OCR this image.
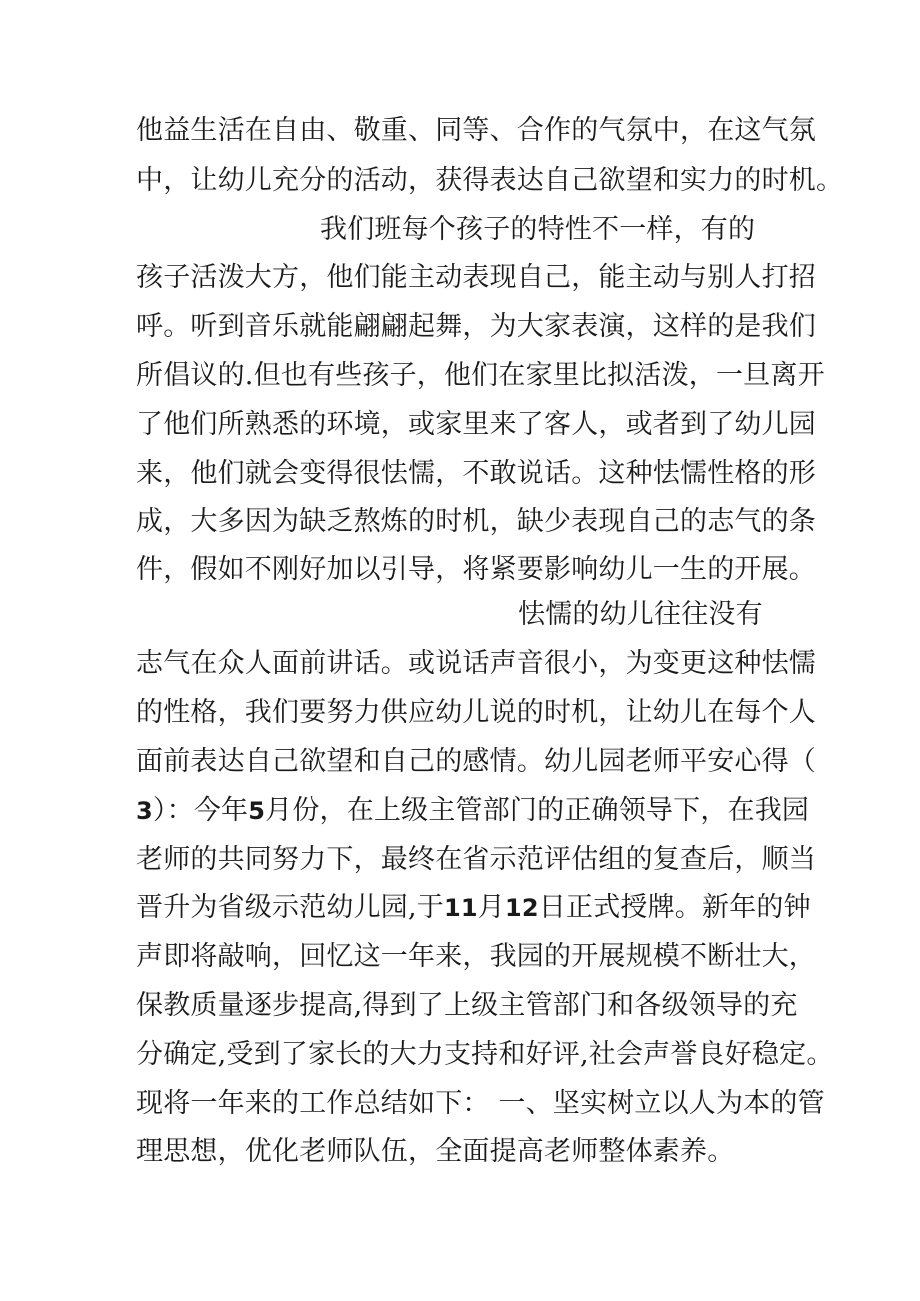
他益生活在自由、敬重、同等、合作的气氛中，在这气氛
中，让幼儿充分的活动，获得表达自己欲望和实力的时机。
我们班每个孩子的特性不一样，有的
孩子活泼大方，他们能主动表现自己，能主动与别人打招
呼。听到音乐就能翩翩起舞，为大家表演，这样的是我们
所倡议的.但也有些孩子，他们在家里比拟活泼，一旦离开
了他们所熟悉的环境，或家里来了客人，或者到了幼儿园
来，他们就会变得很怯懦，不敢说话。这种怯懦性格的形
成，大多因为缺乏熬炼的时机，缺少表现自己的志气的条
件，假如不刚好加以引导，将紧要影响幼儿一生的开展。
怯懦的幼儿往往没有
志气在众人面前讲话。或说话声音很小，为变更这种怯懦
的性格，我们要努力供应幼儿说的时机，让幼儿在每个人
面前表达自己欲望和自己的感情。幼儿园老师平安心得（
3）：今年5月份，在上级主管部门的正确领导下，在我园
老师的共同努力下，最终在省示范评估组的复查后，顺当
晋升为省级示范幼儿园,于11月12日正式授牌。新年的钟
声即将敲响，回忆这一年来，我园的开展规模不断壮大，
保教质量逐步提高,得到了上级主管部门和各级领导的充
分确定,受到了家长的大力支持和好评,社会声誉良好稳定。
现将一年来的工作总结如下： 一、坚实树立以人为本的管
理思想，优化老师队伍，全面提高老师整体素养。
